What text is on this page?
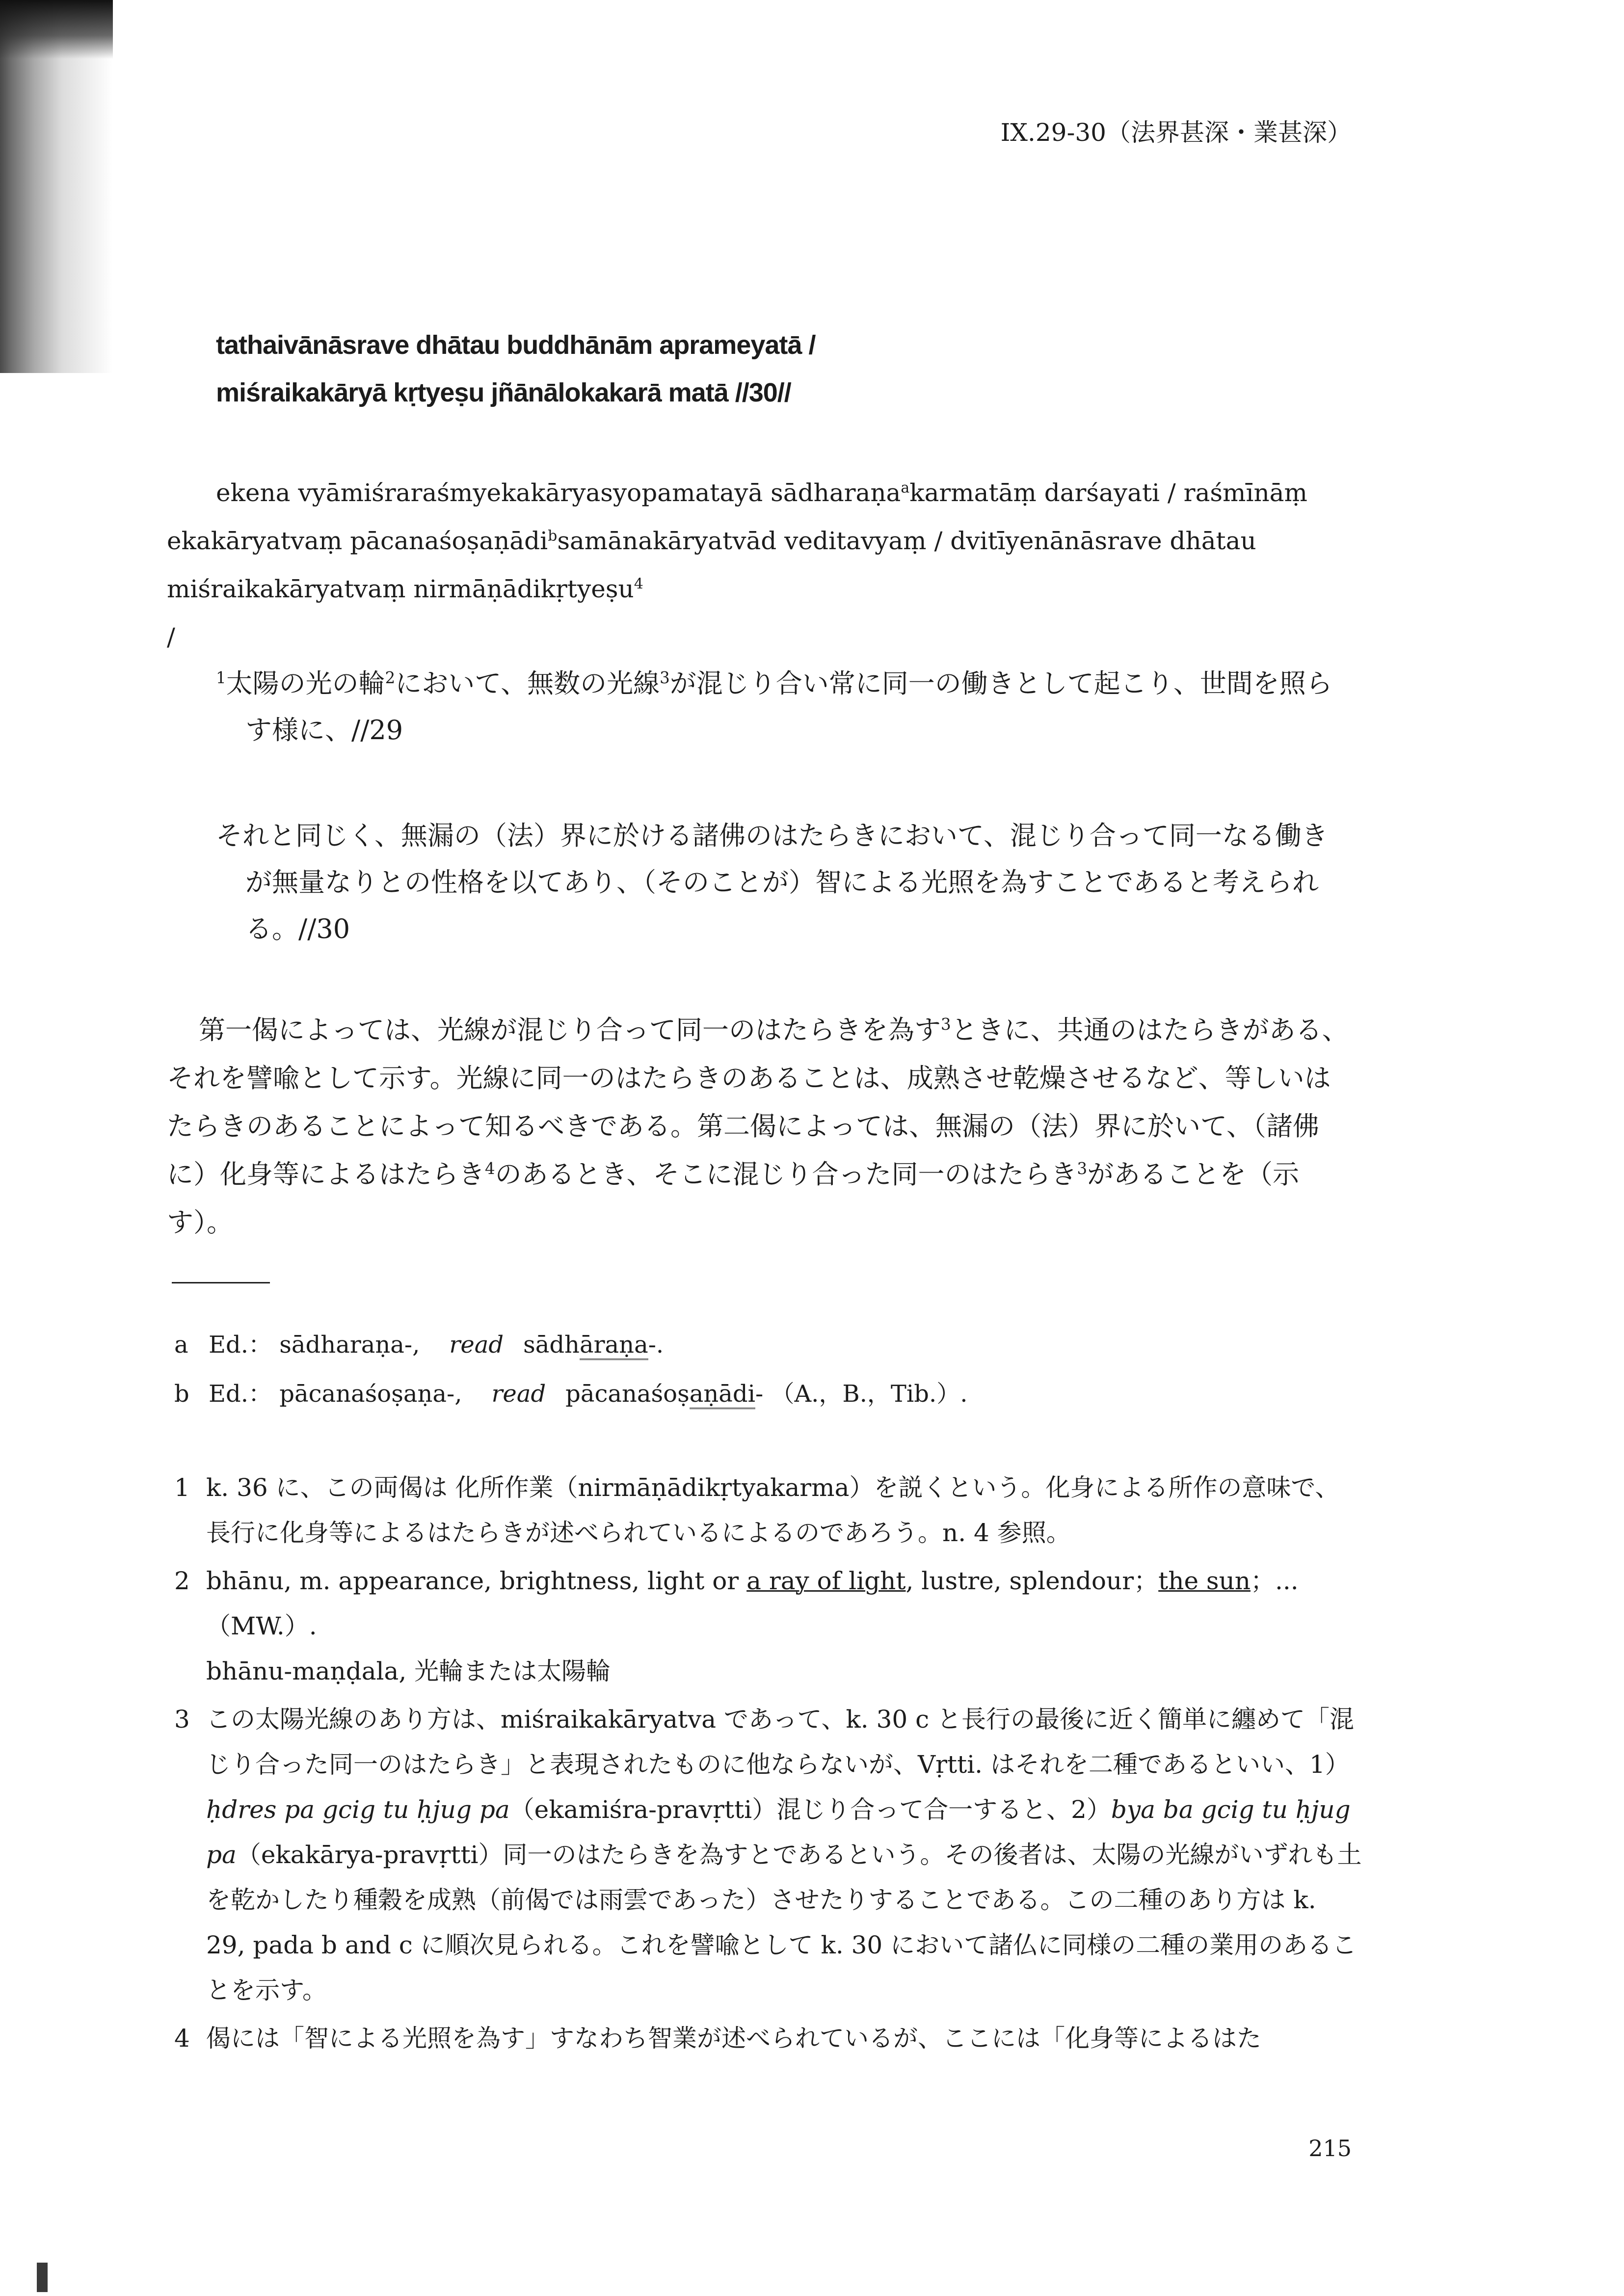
IX.29-30（法界甚深・業甚深）
tathaivānāsrave dhātau buddhānām aprameyatā /
miśraikakāryā kṛtyeṣu jñānālokakarā matā //30//
ekena vyāmiśraraśmyekakāryasyopamatayā sādharaṇa$^a$karmatāṃ darśayati / raśmīnāṃ ekakāryatvaṃ pācanaśoṣaṇādi$^b$samānakāryatvād veditavyaṃ / dvitīyenānāsrave dhātau miśraikakāryatvaṃ nirmāṇādikṛtyeṣu$^4$
/
$^1$太陽の光の輪$^2$において、無数の光線$^3$が混じり合い常に同一の働きとして起こり、世間を照ら
す様に、//29
それと同じく、無漏の（法）界に於ける諸佛のはたらきにおいて、混じり合って同一なる働き
が無量なりとの性格を以てあり、（そのことが）智による光照を為すことであると考えられ
る。//30
第一偈によっては、光線が混じり合って同一のはたらきを為す$^3$ときに、共通のはたらきがある、それを譬喩として示す。光線に同一のはたらきのあることは、成熟させ乾燥させるなど、等しいはたらきのあることによって知るべきである。第二偈によっては、無漏の（法）界に於いて、（諸佛に）化身等によるはたらき$^4$のあるとき、そこに混じり合った同一のはたらき$^3$があることを（示す）。
a Ed.： sādharaṇa-, read sādhāraṇa-.
b Ed.： pācanaśoṣaṇa-, read pācanaśoṣaṇādi- （A.，B.，Tib.）.
1 k. 36 に、この両偈は 化所作業（nirmāṇādikṛtyakarma）を説くという。化身による所作の意味で、長行に化身等によるはたらきが述べられているによるのであろう。n. 4 参照。
2 bhānu, m. appearance, brightness, light or a ray of light, lustre, splendour；the sun；...（MW.）.
bhānu-maṇḍala, 光輪または太陽輪
3 この太陽光線のあり方は、miśraikakāryatva であって、k. 30 c と長行の最後に近く簡単に纏めて「混じり合った同一のはたらき」と表現されたものに他ならないが、Vṛtti. はそれを二種であるといい、1）ḥdres pa gcig tu ḥjug pa（ekamiśra-pravṛtti）混じり合って合一すると、2）bya ba gcig tu ḥjug pa（ekakārya-pravṛtti）同一のはたらきを為すとであるという。その後者は、太陽の光線がいずれも土を乾かしたり種穀を成熟（前偈では雨雲であった）させたりすることである。この二種のあり方は k. 29, pada b and c に順次見られる。これを譬喩として k. 30 において諸仏に同様の二種の業用のあることを示す。
4 偈には「智による光照を為す」すなわち智業が述べられているが、ここには「化身等によるはた
215
